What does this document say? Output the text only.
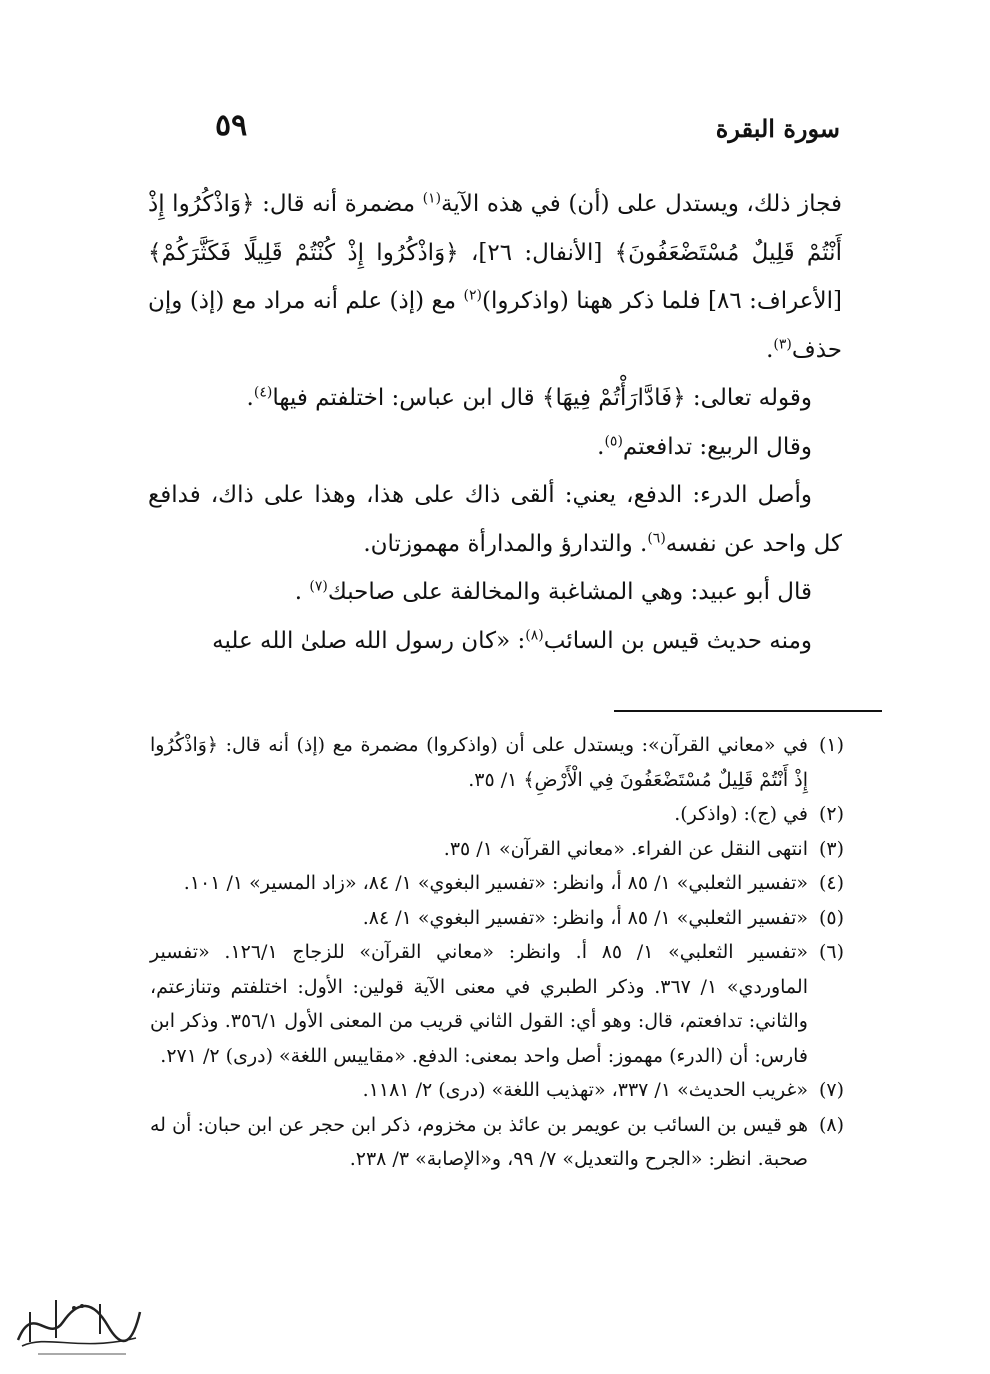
سورة البقرة
٥٩

فجاز ذلك، ويستدل على (أن) في هذه الآية$^{(١)}$ مضمرة أنه قال: ﴿وَاذْكُرُوا إِذْ أَنْتُمْ قَلِيلٌ مُسْتَضْعَفُونَ﴾ [الأنفال: ٢٦]، ﴿وَاذْكُرُوا إِذْ كُنْتُمْ قَلِيلًا فَكَثَّرَكُمْ﴾ [الأعراف: ٨٦] فلما ذكر ههنا (واذكروا)$^{(٢)}$ مع (إذ) علم أنه مراد مع (إذ) وإن حذف$^{(٣)}$.

وقوله تعالى: ﴿فَادَّارَأْتُمْ فِيهَا﴾ قال ابن عباس: اختلفتم فيها$^{(٤)}$.

وقال الربيع: تدافعتم$^{(٥)}$.

وأصل الدرء: الدفع، يعني: ألقى ذاك على هذا، وهذا على ذاك، فدافع كل واحد عن نفسه$^{(٦)}$. والتدارؤ والمدارأة مهموزتان.

قال أبو عبيد: وهي المشاغبة والمخالفة على صاحبك$^{(٧)}$ .

ومنه حديث قيس بن السائب$^{(٨)}$: «كان رسول الله صلىٰ الله عليه

(١)
في «معاني القرآن»: ويستدل على أن (واذكروا) مضمرة مع (إذ) أنه قال: ﴿وَاذْكُرُوا إِذْ أَنْتُمْ قَلِيلٌ مُسْتَضْعَفُونَ فِي الْأَرْضِ﴾ ١/ ٣٥.
(٢)
في (ج): (واذكر).
(٣)
انتهى النقل عن الفراء. «معاني القرآن» ١/ ٣٥.
(٤)
«تفسير الثعلبي» ١/ ٨٥ أ، وانظر: «تفسير البغوي» ١/ ٨٤، «زاد المسير» ١/ ١٠١.
(٥)
«تفسير الثعلبي» ١/ ٨٥ أ، وانظر: «تفسير البغوي» ١/ ٨٤.
(٦)
«تفسير الثعلبي» ١/ ٨٥ أ. وانظر: «معاني القرآن» للزجاج ١٢٦/١. «تفسير الماوردي» ١/ ٣٦٧. وذكر الطبري في معنى الآية قولين: الأول: اختلفتم وتنازعتم، والثاني: تدافعتم، قال: وهو أي: القول الثاني قريب من المعنى الأول ٣٥٦/١. وذكر ابن فارس: أن (الدرء) مهموز: أصل واحد بمعنى: الدفع. «مقاييس اللغة» (درى) ٢/ ٢٧١.
(٧)
«غريب الحديث» ١/ ٣٣٧، «تهذيب اللغة» (درى) ٢/ ١١٨١.
(٨)
هو قيس بن السائب بن عويمر بن عائذ بن مخزوم، ذكر ابن حجر عن ابن حبان: أن له صحبة. انظر: «الجرح والتعديل» ٧/ ٩٩، و«الإصابة» ٣/ ٢٣٨.
